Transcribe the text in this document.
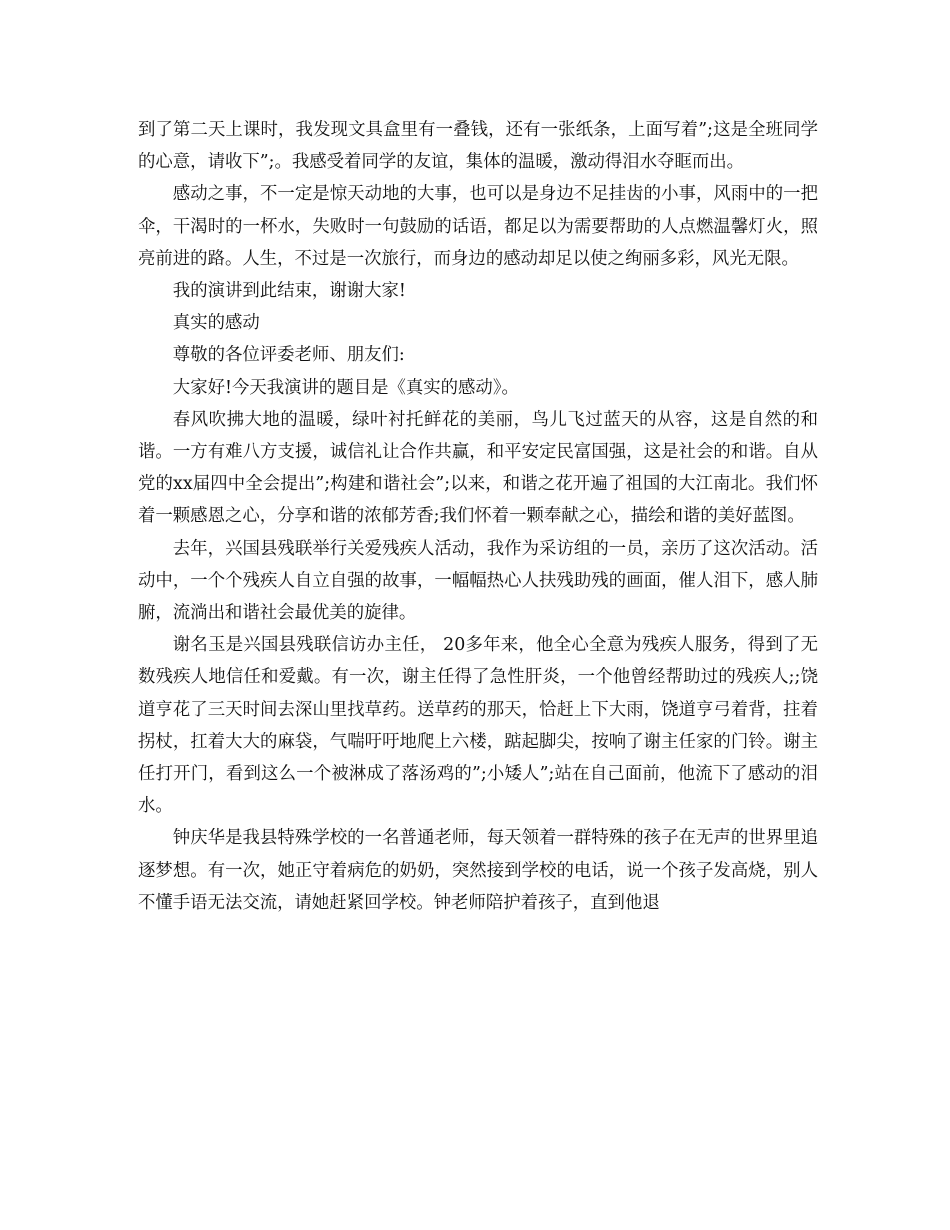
到了第二天上课时，我发现文具盒里有一叠钱，还有一张纸条，上面写着”;这是全班同学的心意，请收下”;。我感受着同学的友谊，集体的温暖，激动得泪水夺眶而出。

感动之事，不一定是惊天动地的大事，也可以是身边不足挂齿的小事，风雨中的一把伞，干渴时的一杯水，失败时一句鼓励的话语，都足以为需要帮助的人点燃温馨灯火，照亮前进的路。人生，不过是一次旅行，而身边的感动却足以使之绚丽多彩，风光无限。

我的演讲到此结束，谢谢大家!

真实的感动

尊敬的各位评委老师、朋友们:

大家好!今天我演讲的题目是《真实的感动》。

春风吹拂大地的温暖，绿叶衬托鲜花的美丽，鸟儿飞过蓝天的从容，这是自然的和谐。一方有难八方支援，诚信礼让合作共赢，和平安定民富国强，这是社会的和谐。自从党的xx届四中全会提出”;构建和谐社会”;以来，和谐之花开遍了祖国的大江南北。我们怀着一颗感恩之心，分享和谐的浓郁芳香;我们怀着一颗奉献之心，描绘和谐的美好蓝图。

去年，兴国县残联举行关爱残疾人活动，我作为采访组的一员，亲历了这次活动。活动中，一个个残疾人自立自强的故事，一幅幅热心人扶残助残的画面，催人泪下，感人肺腑，流淌出和谐社会最优美的旋律。

谢名玉是兴国县残联信访办主任， 20多年来，他全心全意为残疾人服务，得到了无数残疾人地信任和爱戴。有一次，谢主任得了急性肝炎，一个他曾经帮助过的残疾人;;饶道亨花了三天时间去深山里找草药。送草药的那天，恰赶上下大雨，饶道亨弓着背，拄着拐杖，扛着大大的麻袋，气喘吁吁地爬上六楼，踮起脚尖，按响了谢主任家的门铃。谢主任打开门，看到这么一个被淋成了落汤鸡的”;小矮人”;站在自己面前，他流下了感动的泪水。

钟庆华是我县特殊学校的一名普通老师，每天领着一群特殊的孩子在无声的世界里追逐梦想。有一次，她正守着病危的奶奶，突然接到学校的电话，说一个孩子发高烧，别人不懂手语无法交流，请她赶紧回学校。钟老师陪护着孩子，直到他退
